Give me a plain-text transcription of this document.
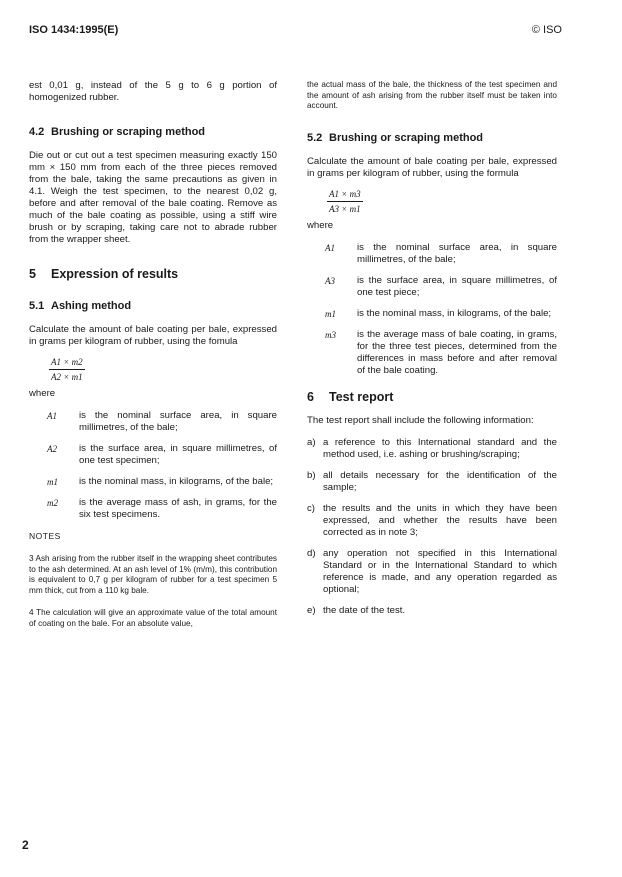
ISO 1434:1995(E)	© ISO

est 0,01 g, instead of the 5 g to 6 g portion of homogenized rubber.

4.2 Brushing or scraping method

Die out or cut out a test specimen measuring exactly 150 mm × 150 mm from each of the three pieces removed from the bale, taking the same precautions as given in 4.1. Weigh the test specimen, to the nearest 0,02 g, before and after removal of the bale coating. Remove as much of the bale coating as possible, using a stiff wire brush or by scraping, taking care not to abrade rubber from the wrapper sheet.

5 Expression of results
5.1 Ashing method

Calculate the amount of bale coating per bale, expressed in grams per kilogram of rubber, using the fomula

$\frac{A1 \times m2}{A2 \times m1}$

where

A1	is the nominal surface area, in square millimetres, of the bale;
A2	is the surface area, in square millimetres, of one test specimen;
m1	is the nominal mass, in kilograms, of the bale;
m2	is the average mass of ash, in grams, for the six test specimens.
NOTES

3 Ash arising from the rubber itself in the wrapping sheet contributes to the ash determined. At an ash level of 1% (m/m), this contribution is equivalent to 0,7 g per kilogram of rubber for a test specimen 5 mm thick, cut from a 110 kg bale.

4 The calculation will give an approximate value of the total amount of coating on the bale. For an absolute value,

the actual mass of the bale, the thickness of the test specimen and the amount of ash arising from the rubber itself must be taken into account.

5.2 Brushing or scraping method

Calculate the amount of bale coating per bale, expressed in grams per kilogram of rubber, using the formula

$\frac{A1 \times m3}{A3 \times m1}$

where

A1	is the nominal surface area, in square millimetres, of the bale;
A3	is the surface area, in square millimetres, of one test piece;
m1	is the nominal mass, in kilograms, of the bale;
m3	is the average mass of bale coating, in grams, for the three test pieces, determined from the differences in mass before and after removal of the bale coating.
6 Test report

The test report shall include the following information:

a) a reference to this International standard and the method used, i.e. ashing or brushing/scraping;
b) all details necessary for the identification of the sample;
c) the results and the units in which they have been expressed, and whether the results have been corrected as in note 3;
d) any operation not specified in this International Standard or in the International Standard to which reference is made, and any operation regarded as optional;
e) the date of the test.
2
